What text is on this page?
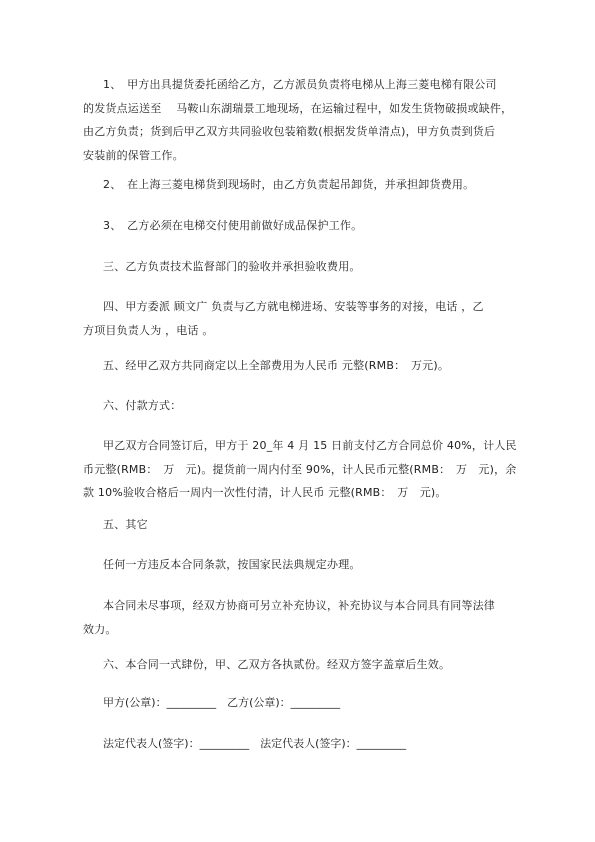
1、　甲方出具提货委托函给乙方，乙方派员负责将电梯从上海三菱电梯有限公司
的发货点运送至　 马鞍山东湖瑞景工地现场，在运输过程中，如发生货物破损或缺件，
由乙方负责；货到后甲乙双方共同验收包装箱数(根据发货单清点)，甲方负责到货后
安装前的保管工作。
2、　在上海三菱电梯货到现场时，由乙方负责起吊卸货，并承担卸货费用。
3、　乙方必须在电梯交付使用前做好成品保护工作。
三、乙方负责技术监督部门的验收并承担验收费用。
四、甲方委派 顾文广 负责与乙方就电梯进场、安装等事务的对接，电话 ，乙
方项目负责人为 ，电话 。
五、经甲乙双方共同商定以上全部费用为人民币 元整(RMB：　万元)。
六、付款方式：
甲乙双方合同签订后，甲方于 20_年 4 月 15 日前支付乙方合同总价 40%，计人民
币元整(RMB：　万　元)。提货前一周内付至 90%，计人民币元整(RMB：　万　元)，余
款 10%验收合格后一周内一次性付清，计人民币 元整(RMB：　万　元)。
五、其它
任何一方违反本合同条款，按国家民法典规定办理。
本合同未尽事项，经双方协商可另立补充协议，补充协议与本合同具有同等法律
效力。
六、本合同一式肆份，甲、乙双方各执贰份。经双方签字盖章后生效。
甲方(公章)：_________　乙方(公章)：_________
法定代表人(签字)：_________　法定代表人(签字)：_________
